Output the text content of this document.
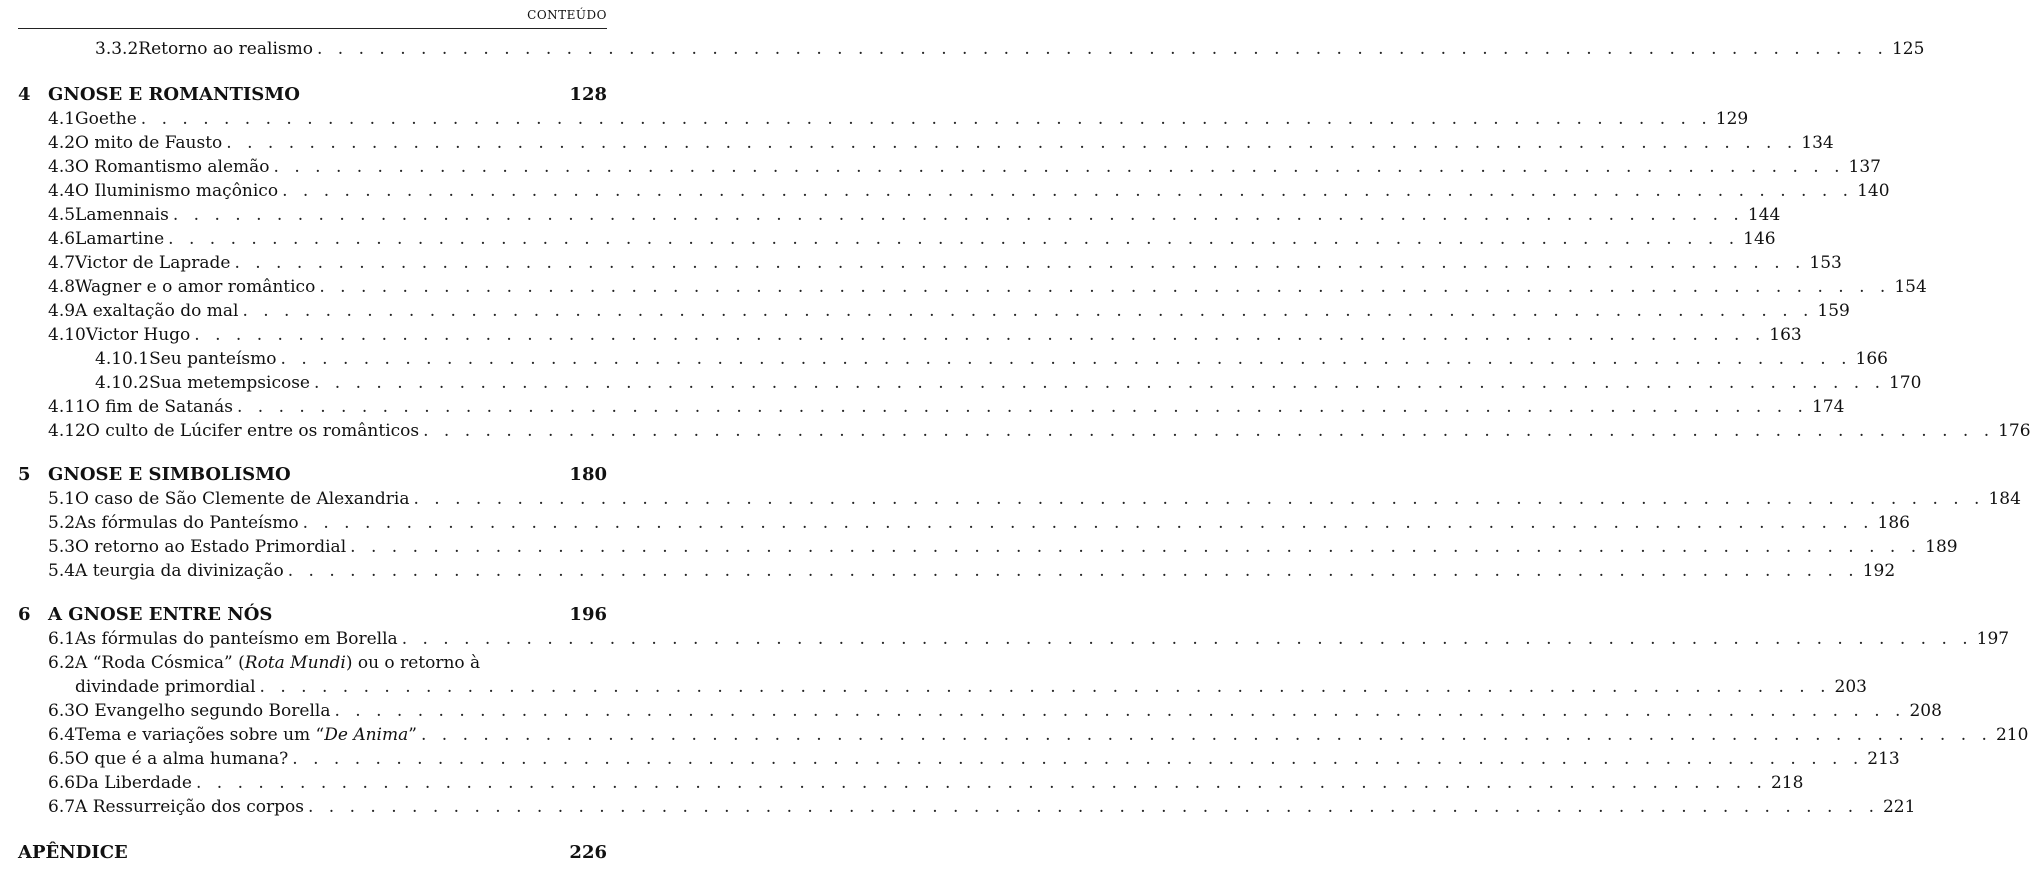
CONTEÚDO
3.3.2 Retorno ao realismo . . .	125
4 GNOSE E ROMANTISMO	128
4.1 Goethe . . .	129
4.2 O mito de Fausto . . .	134
4.3 O Romantismo alemão . . .	137
4.4 O Iluminismo maçônico . . .	140
4.5 Lamennais . . .	144
4.6 Lamartine . . .	146
4.7 Victor de Laprade . . .	153
4.8 Wagner e o amor romântico . . .	154
4.9 A exaltação do mal . . .	159
4.10 Victor Hugo . . .	163
4.10.1 Seu panteísmo . . .	166
4.10.2 Sua metempsicose . . .	170
4.11 O fim de Satanás . . .	174
4.12 O culto de Lúcifer entre os românticos . . .	176
5 GNOSE E SIMBOLISMO	180
5.1 O caso de São Clemente de Alexandria . . .	184
5.2 As fórmulas do Panteísmo . . .	186
5.3 O retorno ao Estado Primordial . . .	189
5.4 A teurgia da divinização . . .	192
6 A GNOSE ENTRE NÓS	196
6.1 As fórmulas do panteísmo em Borella . . .	197
6.2 A “Roda Cósmica” (Rota Mundi) ou o retorno à
divindade primordial . . .	203
6.3 O Evangelho segundo Borella . . .	208
6.4 Tema e variações sobre um “De Anima” . . .	210
6.5 O que é a alma humana? . . .	213
6.6 Da Liberdade . . .	218
6.7 A Ressurreição dos corpos . . .	221
APÊNDICE	226
